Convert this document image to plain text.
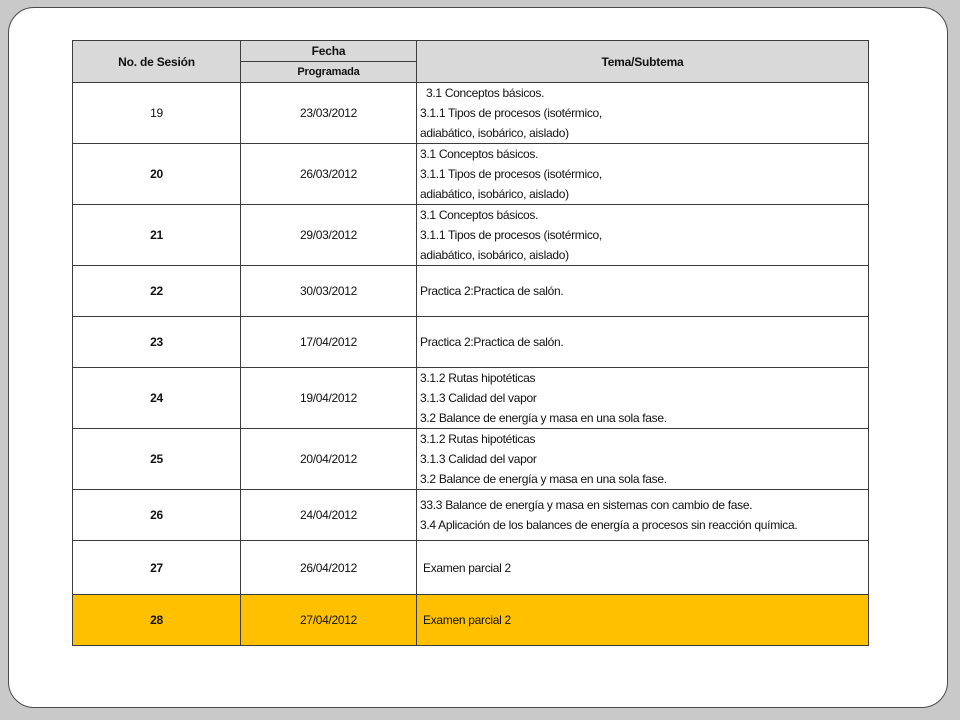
No. de Sesión	Fecha	Tema/Subtema
	Programada	
19	23/03/2012	3.1 Conceptos básicos.
3.1.1 Tipos de procesos (isotérmico,
adiabático, isobárico, aislado)
20	26/03/2012	3.1 Conceptos básicos.
3.1.1 Tipos de procesos (isotérmico,
adiabático, isobárico, aislado)
21	29/03/2012	3.1 Conceptos básicos.
3.1.1 Tipos de procesos (isotérmico,
adiabático, isobárico, aislado)
22	30/03/2012	Practica 2:Practica de salón.
23	17/04/2012	Practica 2:Practica de salón.
24	19/04/2012	3.1.2 Rutas hipotéticas
3.1.3 Calidad del vapor
3.2 Balance de energía y masa en una sola fase.
25	20/04/2012	3.1.2 Rutas hipotéticas
3.1.3 Calidad del vapor
3.2 Balance de energía y masa en una sola fase.
26	24/04/2012	33.3 Balance de energía y masa en sistemas con cambio de fase.
3.4 Aplicación de los balances de energía a procesos sin reacción química.
27	26/04/2012	Examen parcial 2
28	27/04/2012	Examen parcial 2
